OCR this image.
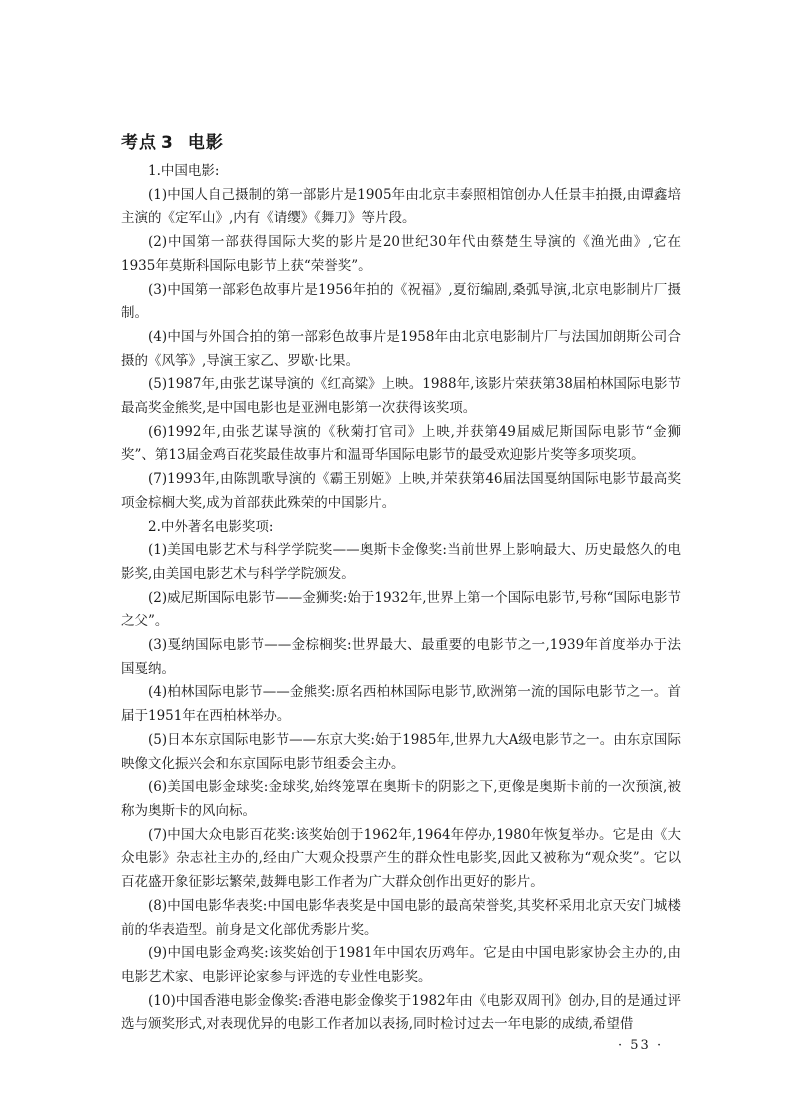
考点 3 电影

1.中国电影:

(1)中国人自己摄制的第一部影片是1905年由北京丰泰照相馆创办人任景丰拍摄,由谭鑫培主演的《定军山》,内有《请缨》《舞刀》等片段。

(2)中国第一部获得国际大奖的影片是20世纪30年代由蔡楚生导演的《渔光曲》,它在1935年莫斯科国际电影节上获“荣誉奖”。

(3)中国第一部彩色故事片是1956年拍的《祝福》,夏衍编剧,桑弧导演,北京电影制片厂摄制。

(4)中国与外国合拍的第一部彩色故事片是1958年由北京电影制片厂与法国加朗斯公司合摄的《风筝》,导演王家乙、罗歇·比果。

(5)1987年,由张艺谋导演的《红高粱》上映。1988年,该影片荣获第38届柏林国际电影节最高奖金熊奖,是中国电影也是亚洲电影第一次获得该奖项。

(6)1992年,由张艺谋导演的《秋菊打官司》上映,并获第49届威尼斯国际电影节“金狮奖”、第13届金鸡百花奖最佳故事片和温哥华国际电影节的最受欢迎影片奖等多项奖项。

(7)1993年,由陈凯歌导演的《霸王别姬》上映,并荣获第46届法国戛纳国际电影节最高奖项金棕榈大奖,成为首部获此殊荣的中国影片。

2.中外著名电影奖项:

(1)美国电影艺术与科学学院奖——奥斯卡金像奖:当前世界上影响最大、历史最悠久的电影奖,由美国电影艺术与科学学院颁发。

(2)威尼斯国际电影节——金狮奖:始于1932年,世界上第一个国际电影节,号称“国际电影节之父”。

(3)戛纳国际电影节——金棕榈奖:世界最大、最重要的电影节之一,1939年首度举办于法国戛纳。

(4)柏林国际电影节——金熊奖:原名西柏林国际电影节,欧洲第一流的国际电影节之一。首届于1951年在西柏林举办。

(5)日本东京国际电影节——东京大奖:始于1985年,世界九大A级电影节之一。由东京国际映像文化振兴会和东京国际电影节组委会主办。

(6)美国电影金球奖:金球奖,始终笼罩在奥斯卡的阴影之下,更像是奥斯卡前的一次预演,被称为奥斯卡的风向标。

(7)中国大众电影百花奖:该奖始创于1962年,1964年停办,1980年恢复举办。它是由《大众电影》杂志社主办的,经由广大观众投票产生的群众性电影奖,因此又被称为“观众奖”。它以百花盛开象征影坛繁荣,鼓舞电影工作者为广大群众创作出更好的影片。

(8)中国电影华表奖:中国电影华表奖是中国电影的最高荣誉奖,其奖杯采用北京天安门城楼前的华表造型。前身是文化部优秀影片奖。

(9)中国电影金鸡奖:该奖始创于1981年中国农历鸡年。它是由中国电影家协会主办的,由电影艺术家、电影评论家参与评选的专业性电影奖。

(10)中国香港电影金像奖:香港电影金像奖于1982年由《电影双周刊》创办,目的是通过评选与颁奖形式,对表现优异的电影工作者加以表扬,同时检讨过去一年电影的成绩,希望借

· 53 ·
